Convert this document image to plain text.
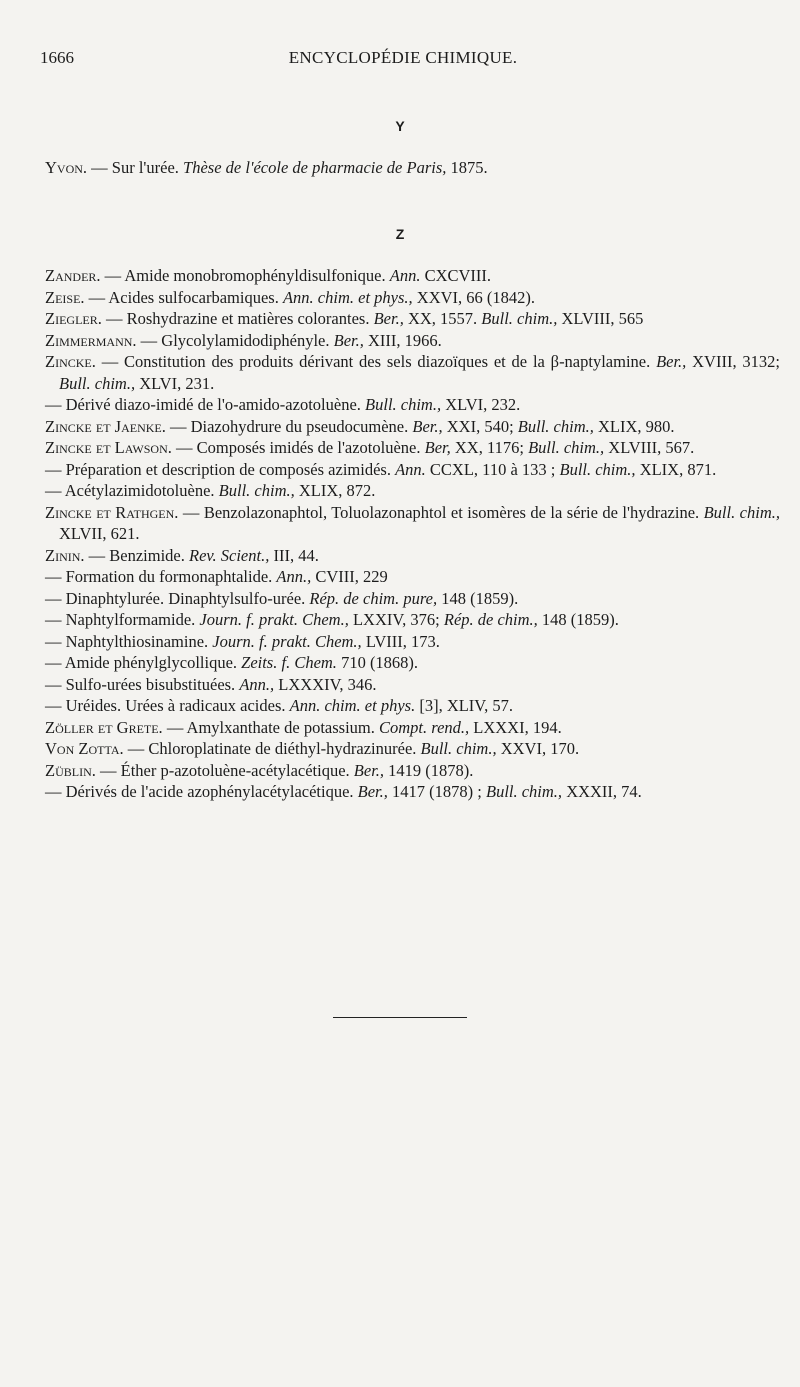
1666	ENCYCLOPÉDIE CHIMIQUE.
Y

Yvon. — Sur l'urée. Thèse de l'école de pharmacie de Paris, 1875.

Z

Zander. — Amide monobromophényldisulfonique. Ann. CXCVIII.

Zeise. — Acides sulfocarbamiques. Ann. chim. et phys., XXVI, 66 (1842).

Ziegler. — Roshydrazine et matières colorantes. Ber., XX, 1557. Bull. chim., XLVIII, 565

Zimmermann. — Glycolylamidodiphényle. Ber., XIII, 1966.

Zincke. — Constitution des produits dérivant des sels diazoïques et de la β-naptylamine. Ber., XVIII, 3132; Bull. chim., XLVI, 231.

— Dérivé diazo-imidé de l'o-amido-azotoluène. Bull. chim., XLVI, 232.

Zincke et Jaenke. — Diazohydrure du pseudocumène. Ber., XXI, 540; Bull. chim., XLIX, 980.

Zincke et Lawson. — Composés imidés de l'azotoluène. Ber, XX, 1176; Bull. chim., XLVIII, 567.

— Préparation et description de composés azimidés. Ann. CCXL, 110 à 133 ; Bull. chim., XLIX, 871.

— Acétylazimidotoluène. Bull. chim., XLIX, 872.

Zincke et Rathgen. — Benzolazonaphtol, Toluolazonaphtol et isomères de la série de l'hydrazine. Bull. chim., XLVII, 621.

Zinin. — Benzimide. Rev. Scient., III, 44.

— Formation du formonaphtalide. Ann., CVIII, 229

— Dinaphtylurée. Dinaphtylsulfo-urée. Rép. de chim. pure, 148 (1859).

— Naphtylformamide. Journ. f. prakt. Chem., LXXIV, 376; Rép. de chim., 148 (1859).

— Naphtylthiosinamine. Journ. f. prakt. Chem., LVIII, 173.

— Amide phénylglycollique. Zeits. f. Chem. 710 (1868).

— Sulfo-urées bisubstituées. Ann., LXXXIV, 346.

— Uréides. Urées à radicaux acides. Ann. chim. et phys. [3], XLIV, 57.

Zöller et Grete. — Amylxanthate de potassium. Compt. rend., LXXXI, 194.

Von Zotta. — Chloroplatinate de diéthyl-hydrazinurée. Bull. chim., XXVI, 170.

Züblin. — Éther p-azotoluène-acétylacétique. Ber., 1419 (1878).

— Dérivés de l'acide azophénylacétylacétique. Ber., 1417 (1878) ; Bull. chim., XXXII, 74.
